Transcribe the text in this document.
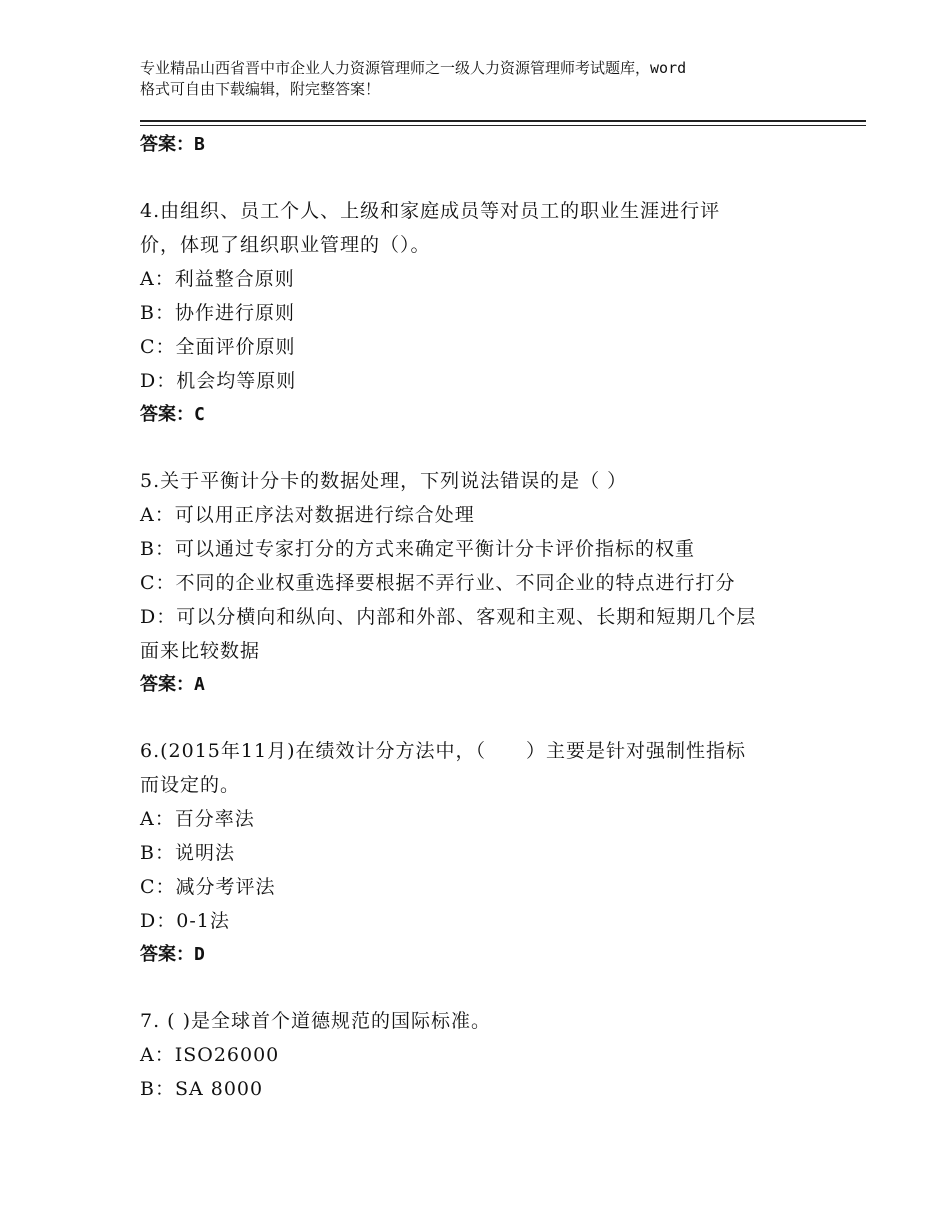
专业精品山西省晋中市企业人力资源管理师之一级人力资源管理师考试题库，word
格式可自由下载编辑，附完整答案！
答案：B
4.由组织、员工个人、上级和家庭成员等对员工的职业生涯进行评
价，体现了组织职业管理的（）。
A：利益整合原则
B：协作进行原则
C：全面评价原则
D：机会均等原则
答案：C
5.关于平衡计分卡的数据处理，下列说法错误的是（ ）
A：可以用正序法对数据进行综合处理
B：可以通过专家打分的方式来确定平衡计分卡评价指标的权重
C：不同的企业权重选择要根据不弄行业、不同企业的特点进行打分
D：可以分横向和纵向、内部和外部、客观和主观、长期和短期几个层
面来比较数据
答案：A
6.(2015年11月)在绩效计分方法中，（　　）主要是针对强制性指标
而设定的。
A：百分率法
B：说明法
C：减分考评法
D：0-1法
答案：D
7. ( )是全球首个道德规范的国际标准。
A：ISO26000
B：SA 8000
